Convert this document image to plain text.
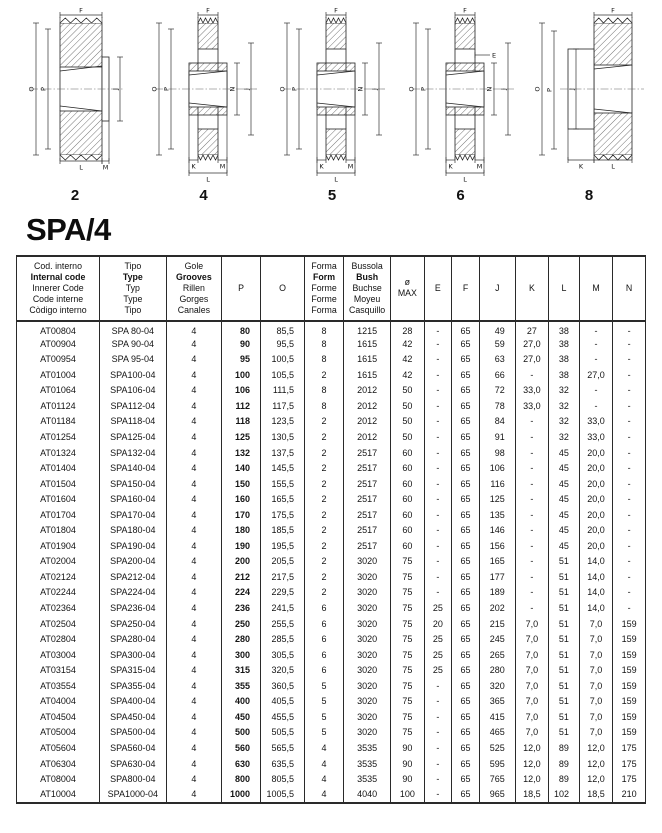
F
O P	J
L	M
2
F
O P	N J
K	M
L
4
F
O P	N J
K	M
L
5
F
O P	N J
K	M
L
E
6
F
O P J
K	L
8
SPA/4
Cod. interno
Internal code
Innerer Code
Code interne
Còdigo interno

Tipo
Type
Typ
Type
Tipo

Gole
Grooves
Rillen
Gorges
Canales

P	O

Forma
Form
Forme
Forme
Forma

Bussola
Bush
Buchse
Moyeu
Casquillo

ø
MAX

E	F	J	K	L	M	N

AT00804	SPA 80-04	4	80	85,5	8	1215	28	-	65	49	27	38	-	-
AT00904	SPA 90-04	4	90	95,5	8	1615	42	-	65	59	27,0	38	-	-
AT00954	SPA 95-04	4	95	100,5	8	1615	42	-	65	63	27,0	38	-	-
AT01004	SPA100-04	4	100	105,5	2	1615	42	-	65	66	-	38	27,0	-
AT01064	SPA106-04	4	106	111,5	8	2012	50	-	65	72	33,0	32	-	-
AT01124	SPA112-04	4	112	117,5	8	2012	50	-	65	78	33,0	32	-	-
AT01184	SPA118-04	4	118	123,5	2	2012	50	-	65	84	-	32	33,0	-
AT01254	SPA125-04	4	125	130,5	2	2012	50	-	65	91	-	32	33,0	-
AT01324	SPA132-04	4	132	137,5	2	2517	60	-	65	98	-	45	20,0	-
AT01404	SPA140-04	4	140	145,5	2	2517	60	-	65	106	-	45	20,0	-
AT01504	SPA150-04	4	150	155,5	2	2517	60	-	65	116	-	45	20,0	-
AT01604	SPA160-04	4	160	165,5	2	2517	60	-	65	125	-	45	20,0	-
AT01704	SPA170-04	4	170	175,5	2	2517	60	-	65	135	-	45	20,0	-
AT01804	SPA180-04	4	180	185,5	2	2517	60	-	65	146	-	45	20,0	-
AT01904	SPA190-04	4	190	195,5	2	2517	60	-	65	156	-	45	20,0	-
AT02004	SPA200-04	4	200	205,5	2	3020	75	-	65	165	-	51	14,0	-
AT02124	SPA212-04	4	212	217,5	2	3020	75	-	65	177	-	51	14,0	-
AT02244	SPA224-04	4	224	229,5	2	3020	75	-	65	189	-	51	14,0	-
AT02364	SPA236-04	4	236	241,5	6	3020	75	25	65	202	-	51	14,0	-
AT02504	SPA250-04	4	250	255,5	6	3020	75	20	65	215	7,0	51	7,0	159
AT02804	SPA280-04	4	280	285,5	6	3020	75	25	65	245	7,0	51	7,0	159
AT03004	SPA300-04	4	300	305,5	6	3020	75	25	65	265	7,0	51	7,0	159
AT03154	SPA315-04	4	315	320,5	6	3020	75	25	65	280	7,0	51	7,0	159
AT03554	SPA355-04	4	355	360,5	5	3020	75	-	65	320	7,0	51	7,0	159
AT04004	SPA400-04	4	400	405,5	5	3020	75	-	65	365	7,0	51	7,0	159
AT04504	SPA450-04	4	450	455,5	5	3020	75	-	65	415	7,0	51	7,0	159
AT05004	SPA500-04	4	500	505,5	5	3020	75	-	65	465	7,0	51	7,0	159
AT05604	SPA560-04	4	560	565,5	4	3535	90	-	65	525	12,0	89	12,0	175
AT06304	SPA630-04	4	630	635,5	4	3535	90	-	65	595	12,0	89	12,0	175
AT08004	SPA800-04	4	800	805,5	4	3535	90	-	65	765	12,0	89	12,0	175
AT10004	SPA1000-04	4	1000	1005,5	4	4040	100	-	65	965	18,5	102	18,5	210
